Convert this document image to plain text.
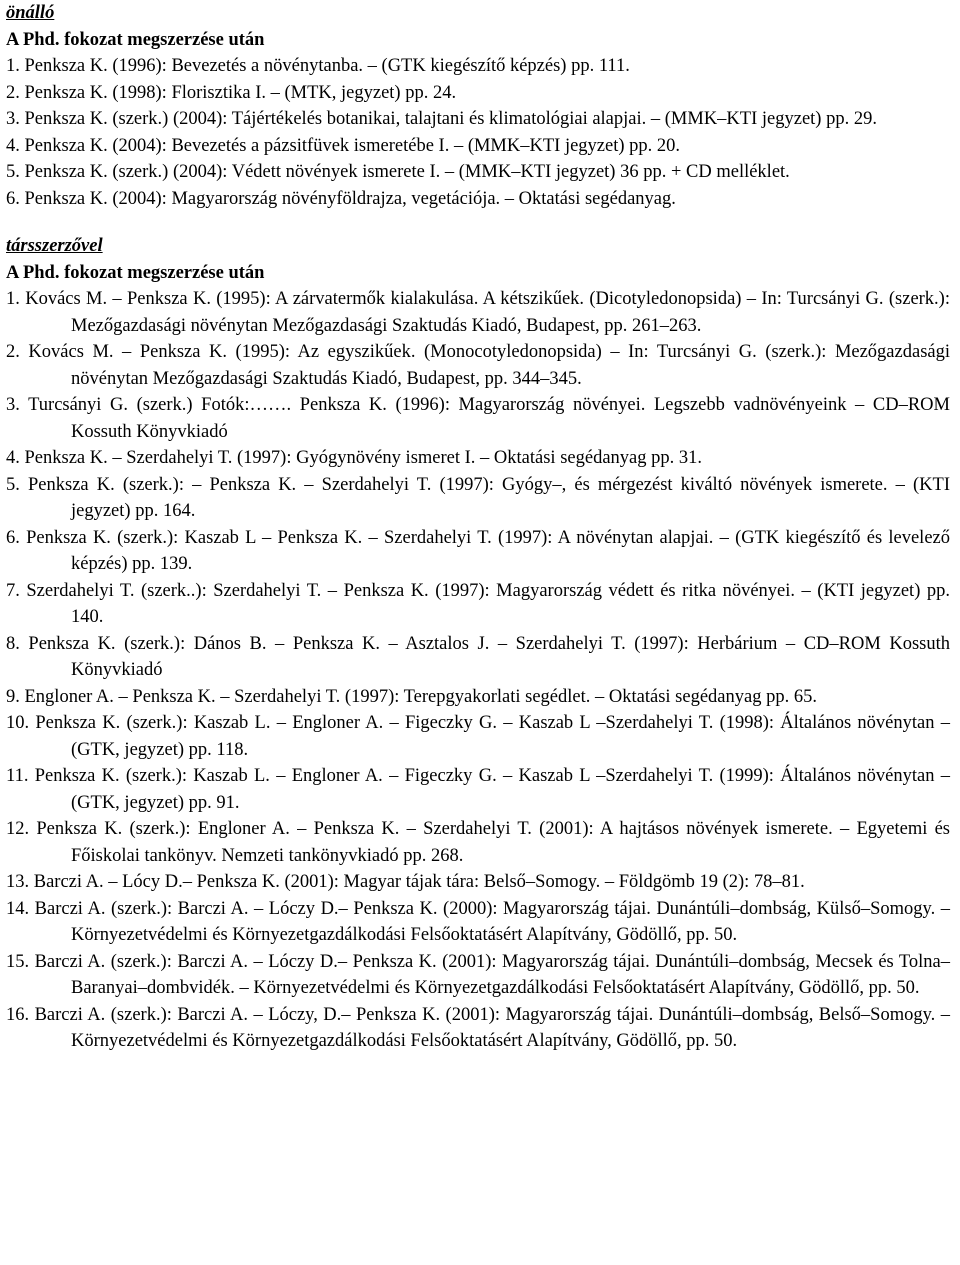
önálló
A Phd. fokozat megszerzése után
1. Penksza K. (1996): Bevezetés a növénytanba. – (GTK kiegészítő képzés) pp. 111.
2. Penksza K. (1998): Florisztika I. – (MTK, jegyzet) pp. 24.
3. Penksza K. (szerk.) (2004): Tájértékelés botanikai, talajtani és klimatológiai alapjai. – (MMK–KTI jegyzet) pp. 29.
4. Penksza K. (2004): Bevezetés a pázsitfüvek ismeretébe I. – (MMK–KTI jegyzet) pp. 20.
5. Penksza K. (szerk.) (2004): Védett növények ismerete I. – (MMK–KTI jegyzet) 36 pp. + CD melléklet.
6. Penksza K. (2004): Magyarország növényföldrajza, vegetációja. – Oktatási segédanyag.
társszerzővel
A Phd. fokozat megszerzése után
1. Kovács M. – Penksza K. (1995): A zárvatermők kialakulása. A kétszikűek. (Dicotyledonopsida) – In: Turcsányi G. (szerk.): Mezőgazdasági növénytan Mezőgazdasági Szaktudás Kiadó, Budapest, pp. 261–263.
2. Kovács M. – Penksza K. (1995): Az egyszikűek. (Monocotyledonopsida) – In: Turcsányi G. (szerk.): Mezőgazdasági növénytan Mezőgazdasági Szaktudás Kiadó, Budapest, pp. 344–345.
3. Turcsányi G. (szerk.) Fotók:……. Penksza K. (1996): Magyarország növényei. Legszebb vadnövényeink – CD–ROM Kossuth Könyvkiadó
4. Penksza K. – Szerdahelyi T. (1997): Gyógynövény ismeret I. – Oktatási segédanyag pp. 31.
5. Penksza K. (szerk.): – Penksza K. – Szerdahelyi T. (1997): Gyógy–, és mérgezést kiváltó növények ismerete. – (KTI jegyzet) pp. 164.
6. Penksza K. (szerk.): Kaszab L – Penksza K. – Szerdahelyi T. (1997): A növénytan alapjai. – (GTK kiegészítő és levelező képzés) pp. 139.
7. Szerdahelyi T. (szerk..): Szerdahelyi T. – Penksza K. (1997): Magyarország védett és ritka növényei. – (KTI jegyzet) pp. 140.
8. Penksza K. (szerk.): Dános B. – Penksza K. – Asztalos J. – Szerdahelyi T. (1997): Herbárium – CD–ROM Kossuth Könyvkiadó
9. Engloner A. – Penksza K. – Szerdahelyi T. (1997): Terepgyakorlati segédlet. – Oktatási segédanyag pp. 65.
10. Penksza K. (szerk.): Kaszab L. – Engloner A. – Figeczky G. – Kaszab L –Szerdahelyi T. (1998): Általános növénytan – (GTK, jegyzet) pp. 118.
11. Penksza K. (szerk.): Kaszab L. – Engloner A. – Figeczky G. – Kaszab L –Szerdahelyi T. (1999): Általános növénytan – (GTK, jegyzet) pp. 91.
12. Penksza K. (szerk.): Engloner A. – Penksza K. – Szerdahelyi T. (2001): A hajtásos növények ismerete. – Egyetemi és Főiskolai tankönyv. Nemzeti tankönyvkiadó pp. 268.
13. Barczi A. – Lócy D.– Penksza K. (2001): Magyar tájak tára: Belső–Somogy. – Földgömb 19 (2): 78–81.
14. Barczi A. (szerk.): Barczi A. – Lóczy D.– Penksza K. (2000): Magyarország tájai. Dunántúli–dombság, Külső–Somogy. – Környezetvédelmi és Környezetgazdálkodási Felsőoktatásért Alapítvány, Gödöllő, pp. 50.
15. Barczi A. (szerk.): Barczi A. – Lóczy D.– Penksza K. (2001): Magyarország tájai. Dunántúli–dombság, Mecsek és Tolna–Baranyai–dombvidék. – Környezetvédelmi és Környezetgazdálkodási Felsőoktatásért Alapítvány, Gödöllő, pp. 50.
16. Barczi A. (szerk.): Barczi A. – Lóczy, D.– Penksza K. (2001): Magyarország tájai. Dunántúli–dombság, Belső–Somogy. – Környezetvédelmi és Környezetgazdálkodási Felsőoktatásért Alapítvány, Gödöllő, pp. 50.
